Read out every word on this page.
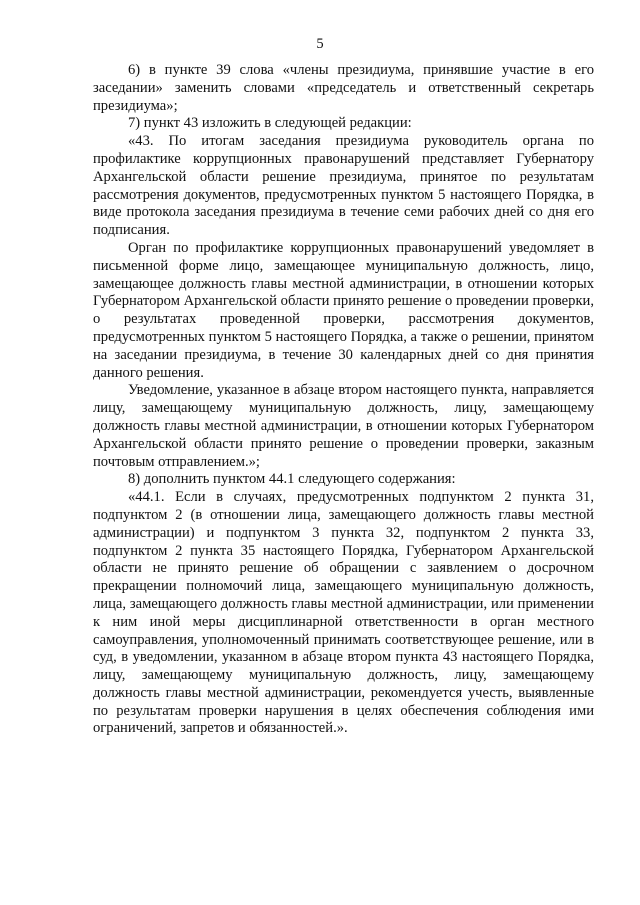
5

6) в пункте 39 слова «члены президиума, принявшие участие в его заседании» заменить словами «председатель и ответственный секретарь президиума»;

7) пункт 43 изложить в следующей редакции:

«43. По итогам заседания президиума руководитель органа по профилактике коррупционных правонарушений представляет Губернатору Архангельской области решение президиума, принятое по результатам рассмотрения документов, предусмотренных пунктом 5 настоящего Порядка, в виде протокола заседания президиума в течение семи рабочих дней со дня его подписания.

Орган по профилактике коррупционных правонарушений уведомляет в письменной форме лицо, замещающее муниципальную должность, лицо, замещающее должность главы местной администрации, в отношении которых Губернатором Архангельской области принято решение о проведении проверки, о результатах проведенной проверки, рассмотрения документов, предусмотренных пунктом 5 настоящего Порядка, а также о решении, принятом на заседании президиума, в течение 30 календарных дней со дня принятия данного решения.

Уведомление, указанное в абзаце втором настоящего пункта, направляется лицу, замещающему муниципальную должность, лицу, замещающему должность главы местной администрации, в отношении которых Губернатором Архангельской области принято решение о проведении проверки, заказным почтовым отправлением.»;

8) дополнить пунктом 44.1 следующего содержания:

«44.1. Если в случаях, предусмотренных подпунктом 2 пункта 31, подпунктом 2 (в отношении лица, замещающего должность главы местной администрации) и подпунктом 3 пункта 32, подпунктом 2 пункта 33, подпунктом 2 пункта 35 настоящего Порядка, Губернатором Архангельской области не принято решение об обращении с заявлением о досрочном прекращении полномочий лица, замещающего муниципальную должность, лица, замещающего должность главы местной администрации, или применении к ним иной меры дисциплинарной ответственности в орган местного самоуправления, уполномоченный принимать соответствующее решение, или в суд, в уведомлении, указанном в абзаце втором пункта 43 настоящего Порядка, лицу, замещающему муниципальную должность, лицу, замещающему должность главы местной администрации, рекомендуется учесть, выявленные по результатам проверки нарушения в целях обеспечения соблюдения ими ограничений, запретов и обязанностей.».
